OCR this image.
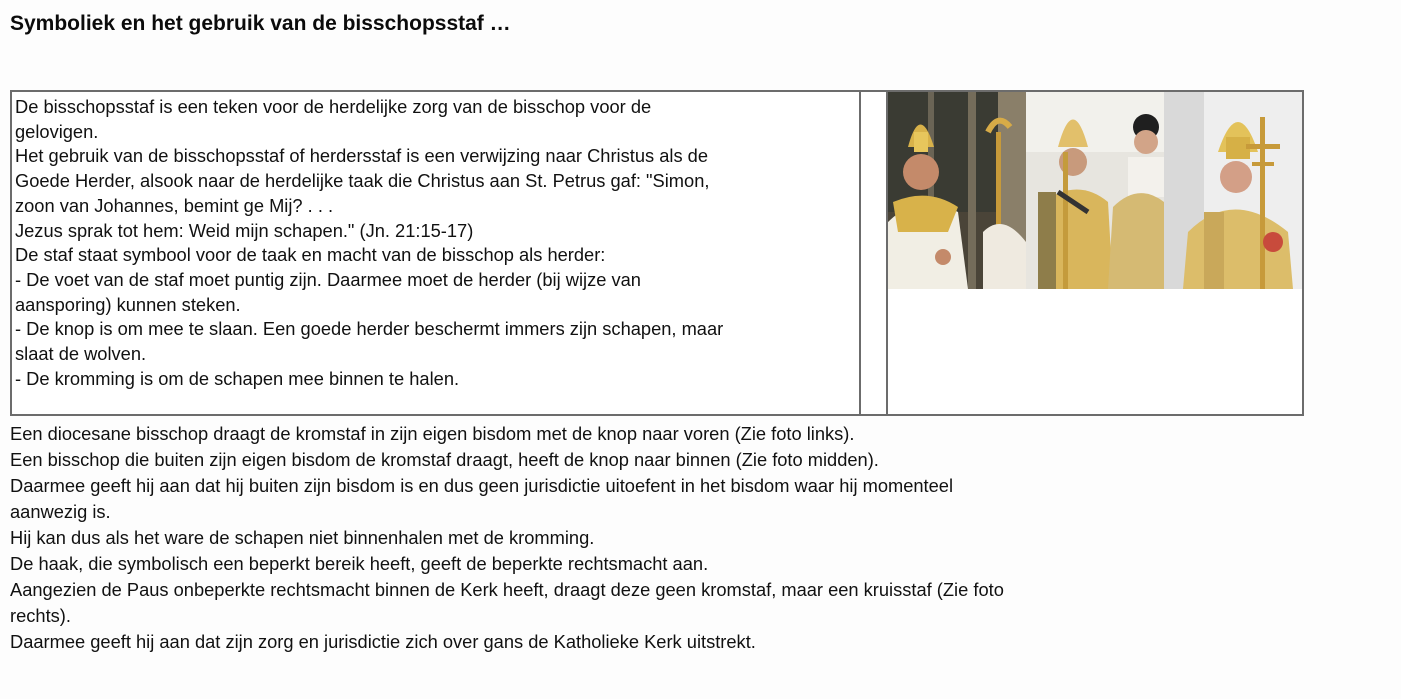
Symboliek en het gebruik van de bisschopsstaf …
De bisschopsstaf is een teken voor de herdelijke zorg van de bisschop voor de
gelovigen.
Het gebruik van de bisschopsstaf of herdersstaf is een verwijzing naar Christus als de
Goede Herder, alsook naar de herdelijke taak die Christus aan St. Petrus gaf: "Simon,
zoon van Johannes, bemint ge Mij? . . .
Jezus sprak tot hem: Weid mijn schapen." (Jn. 21:15-17)
De staf staat symbool voor de taak en macht van de bisschop als herder:
- De voet van de staf moet puntig zijn. Daarmee moet de herder (bij wijze van
aansporing) kunnen steken.
- De knop is om mee te slaan. Een goede herder beschermt immers zijn schapen, maar
slaat de wolven.
- De kromming is om de schapen mee binnen te halen.
Een diocesane bisschop draagt de kromstaf in zijn eigen bisdom met de knop naar voren (Zie foto links).
Een bisschop die buiten zijn eigen bisdom de kromstaf draagt, heeft de knop naar binnen (Zie foto midden).
Daarmee geeft hij aan dat hij buiten zijn bisdom is en dus geen jurisdictie uitoefent in het bisdom waar hij momenteel
aanwezig is.
Hij kan dus als het ware de schapen niet binnenhalen met de kromming.
De haak, die symbolisch een beperkt bereik heeft, geeft de beperkte rechtsmacht aan.
Aangezien de Paus onbeperkte rechtsmacht binnen de Kerk heeft, draagt deze geen kromstaf, maar een kruisstaf (Zie foto
rechts).
Daarmee geeft hij aan dat zijn zorg en jurisdictie zich over gans de Katholieke Kerk uitstrekt.
